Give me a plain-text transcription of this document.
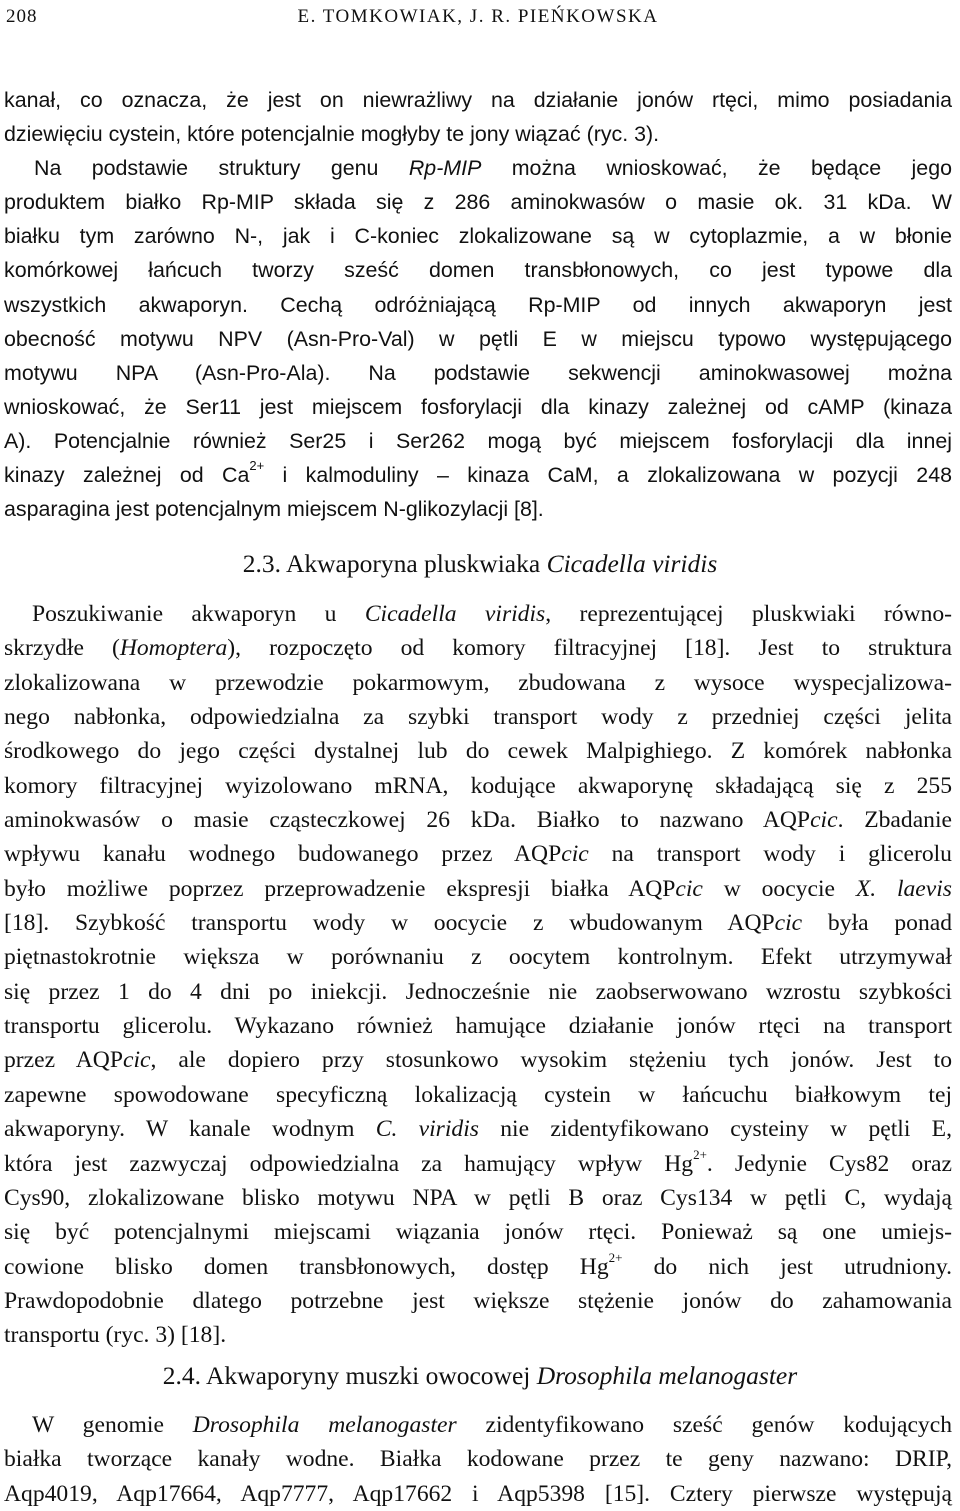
208	E. TOMKOWIAK, J. R. PIEŃKOWSKA
kanał, co oznacza, że jest on niewrażliwy na działanie jonów rtęci, mimo posiadania
dziewięciu cystein, które potencjalnie mogłyby te jony wiązać (ryc. 3).
Na podstawie struktury genu Rp-MIP można wnioskować, że będące jego
produktem białko Rp-MIP składa się z 286 aminokwasów o masie ok. 31 kDa. W
białku tym zarówno N-, jak i C-koniec zlokalizowane są w cytoplazmie, a w błonie
komórkowej łańcuch tworzy sześć domen transbłonowych, co jest typowe dla
wszystkich akwaporyn. Cechą odróżniającą Rp-MIP od innych akwaporyn jest
obecność motywu NPV (Asn-Pro-Val) w pętli E w miejscu typowo występującego
motywu NPA (Asn-Pro-Ala). Na podstawie sekwencji aminokwasowej można
wnioskować, że Ser11 jest miejscem fosforylacji dla kinazy zależnej od cAMP (kinaza
A). Potencjalnie również Ser25 i Ser262 mogą być miejscem fosforylacji dla innej
kinazy zależnej od $Ca^{2+}$ i kalmoduliny – kinaza CaM, a zlokalizowana w pozycji 248
asparagina jest potencjalnym miejscem N-glikozylacji [8].
2.3. Akwaporyna pluskwiaka Cicadella viridis
Poszukiwanie akwaporyn u Cicadella viridis, reprezentującej pluskwiaki równo-
skrzydłe (Homoptera), rozpoczęto od komory filtracyjnej [18]. Jest to struktura
zlokalizowana w przewodzie pokarmowym, zbudowana z wysoce wyspecjalizowa-
nego nabłonka, odpowiedzialna za szybki transport wody z przedniej części jelita
środkowego do jego części dystalnej lub do cewek Malpighiego. Z komórek nabłonka
komory filtracyjnej wyizolowano mRNA, kodujące akwaporynę składającą się z 255
aminokwasów o masie cząsteczkowej 26 kDa. Białko to nazwano AQPcic. Zbadanie
wpływu kanału wodnego budowanego przez AQPcic na transport wody i glicerolu
było możliwe poprzez przeprowadzenie ekspresji białka AQPcic w oocycie X. laevis
[18]. Szybkość transportu wody w oocycie z wbudowanym AQPcic była ponad
piętnastokrotnie większa w porównaniu z oocytem kontrolnym. Efekt utrzymywał
się przez 1 do 4 dni po iniekcji. Jednocześnie nie zaobserwowano wzrostu szybkości
transportu glicerolu. Wykazano również hamujące działanie jonów rtęci na transport
przez AQPcic, ale dopiero przy stosunkowo wysokim stężeniu tych jonów. Jest to
zapewne spowodowane specyficzną lokalizacją cystein w łańcuchu białkowym tej
akwaporyny. W kanale wodnym C. viridis nie zidentyfikowano cysteiny w pętli E,
która jest zazwyczaj odpowiedzialna za hamujący wpływ $Hg^{2+}$. Jedynie Cys82 oraz
Cys90, zlokalizowane blisko motywu NPA w pętli B oraz Cys134 w pętli C, wydają
się być potencjalnymi miejscami wiązania jonów rtęci. Ponieważ są one umiejs-
cowione blisko domen transbłonowych, dostęp $Hg^{2+}$ do nich jest utrudniony.
Prawdopodobnie dlatego potrzebne jest większe stężenie jonów do zahamowania
transportu (ryc. 3) [18].
2.4. Akwaporyny muszki owocowej Drosophila melanogaster
W genomie Drosophila melanogaster zidentyfikowano sześć genów kodujących
białka tworzące kanały wodne. Białka kodowane przez te geny nazwano: DRIP,
Aqp4019, Aqp17664, Aqp7777, Aqp17662 i Aqp5398 [15]. Cztery pierwsze występują
